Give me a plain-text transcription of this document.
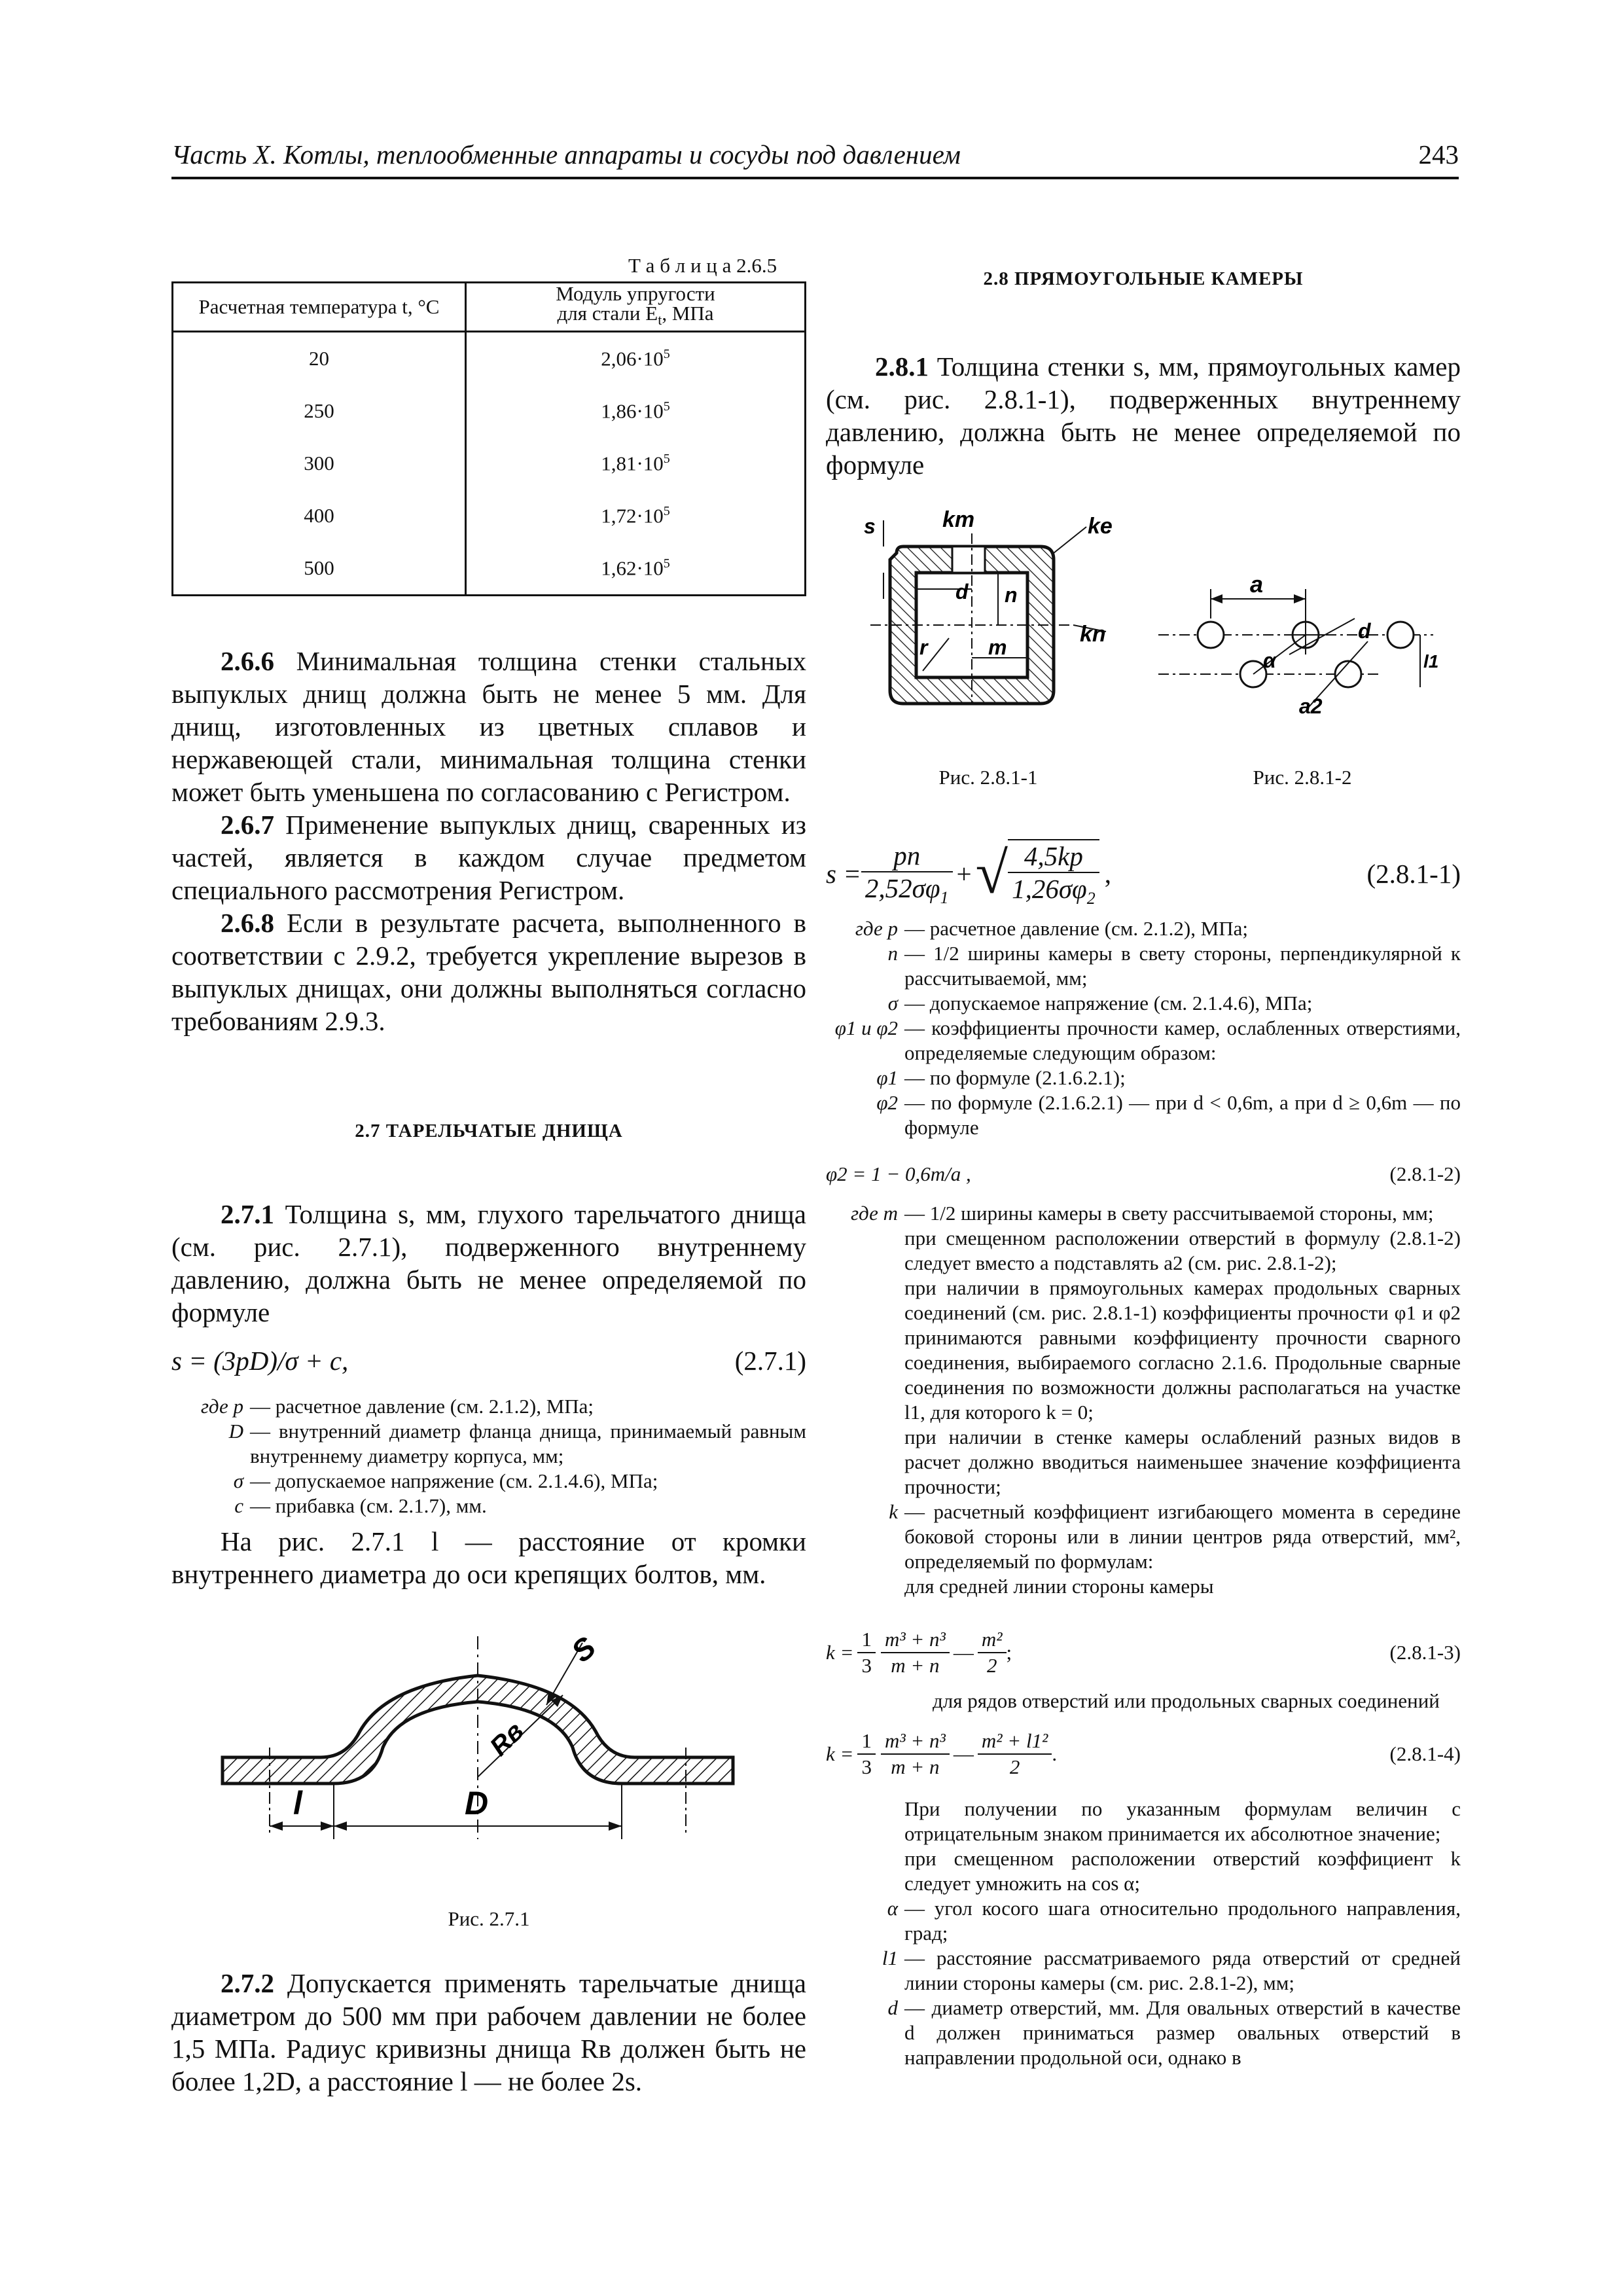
Часть X. Котлы, теплообменные аппараты и сосуды под давлением	243
Т а б л и ц а 2.6.5
Расчетная температура t, °C	Модуль упругости
для стали $E_t$, МПа
20	$2,06\cdot 10^5$
250	$1,86\cdot 10^5$
300	$1,81\cdot 10^5$
400	$1,72\cdot 10^5$
500	$1,62\cdot 10^5$

2.6.6 Минимальная толщина стенки стальных выпуклых днищ должна быть не менее 5 мм. Для днищ, изготовленных из цветных сплавов и нержавеющей стали, минимальная толщина стенки может быть уменьшена по согласованию с Регистром.

2.6.7 Применение выпуклых днищ, сваренных из частей, является в каждом случае предметом специального рассмотрения Регистром.

2.6.8 Если в результате расчета, выполненного в соответствии с 2.9.2, требуется укрепление вырезов в выпуклых днищах, они должны выполняться согласно требованиям 2.9.3.

2.7 ТАРЕЛЬЧАТЫЕ ДНИЩА

2.7.1 Толщина s, мм, глухого тарельчатого днища (см. рис. 2.7.1), подверженного внутреннему давлению, должна быть не менее определяемой по формуле

s = (3pD)/σ + c,	(2.7.1)
где p — расчетное давление (см. 2.1.2), МПа;
D — внутренний диаметр фланца днища, принимаемый равным внутреннему диаметру корпуса, мм;
σ — допускаемое напряжение (см. 2.1.4.6), МПа;
c — прибавка (см. 2.1.7), мм.

На рис. 2.7.1 l — расстояние от кромки внутреннего диаметра до оси крепящих болтов, мм.

S
Rв
l	D
Рис. 2.7.1

2.7.2 Допускается применять тарельчатые днища диаметром до 500 мм при рабочем давлении не более 1,5 МПа. Радиус кривизны днища Rв должен быть не более 1,2D, а расстояние l — не более 2s.

2.8 ПРЯМОУГОЛЬНЫЕ КАМЕРЫ

2.8.1 Толщина стенки s, мм, прямоугольных камер (см. рис. 2.8.1-1), подверженных внутреннему давлению, должна быть не менее определяемой по формуле

s	km	ke
kn
d n
m
r
Рис. 2.8.1-1
a
α
a2
d
l1
Рис. 2.8.1-2
$s = \frac{pn}{2,52\sigma\varphi_1}$ + √ $\frac{4,5kp}{1,26\sigma\varphi_2}$ ,	(2.8.1-1)
где p — расчетное давление (см. 2.1.2), МПа;
n — 1/2 ширины камеры в свету стороны, перпендикулярной к рассчитываемой, мм;
σ — допускаемое напряжение (см. 2.1.4.6), МПа;
φ1 и φ2 — коэффициенты прочности камер, ослабленных отверстиями, определяемые следующим образом:
φ1 — по формуле (2.1.6.2.1);
φ2 — по формуле (2.1.6.2.1) — при d < 0,6m, а при d ≥ 0,6m — по формуле
φ2 = 1 − 0,6m/a ,	(2.8.1-2)
где m — 1/2 ширины камеры в свету рассчитываемой стороны, мм;
при смещенном расположении отверстий в формулу (2.8.1-2) следует вместо a подставлять a2 (см. рис. 2.8.1-2);
при наличии в прямоугольных камерах продольных сварных соединений (см. рис. 2.8.1-1) коэффициенты прочности φ1 и φ2 принимаются равными коэффициенту прочности сварного соединения, выбираемого согласно 2.1.6. Продольные сварные соединения по возможности должны располагаться на участке l1, для которого k = 0;
при наличии в стенке камеры ослаблений разных видов в расчет должно вводиться наименьшее значение коэффициента прочности;
k — расчетный коэффициент изгибающего момента в середине боковой стороны или в линии центров ряда отверстий, мм², определяемый по формулам:
для средней линии стороны камеры
$k = \frac{1}{3} \frac{\text{m³ + n³}}{m + n}$ — $\frac{\text{m²}}{2}$ ;	(2.8.1-3)
для рядов отверстий или продольных сварных соединений
$k = \frac{1}{3} \frac{\text{m³ + n³}}{m + n}$ — $\frac{\text{m² + l1²}}{2}$ .	(2.8.1-4)
При получении по указанным формулам величин с отрицательным знаком принимается их абсолютное значение;
при смещенном расположении отверстий коэффициент k следует умножить на cos α;
α — угол косого шага относительно продольного направления, град;
l1 — расстояние рассматриваемого ряда отверстий от средней линии стороны камеры (см. рис. 2.8.1-2), мм;
d — диаметр отверстий, мм. Для овальных отверстий в качестве d должен приниматься размер овальных отверстий в направлении продольной оси, однако в
